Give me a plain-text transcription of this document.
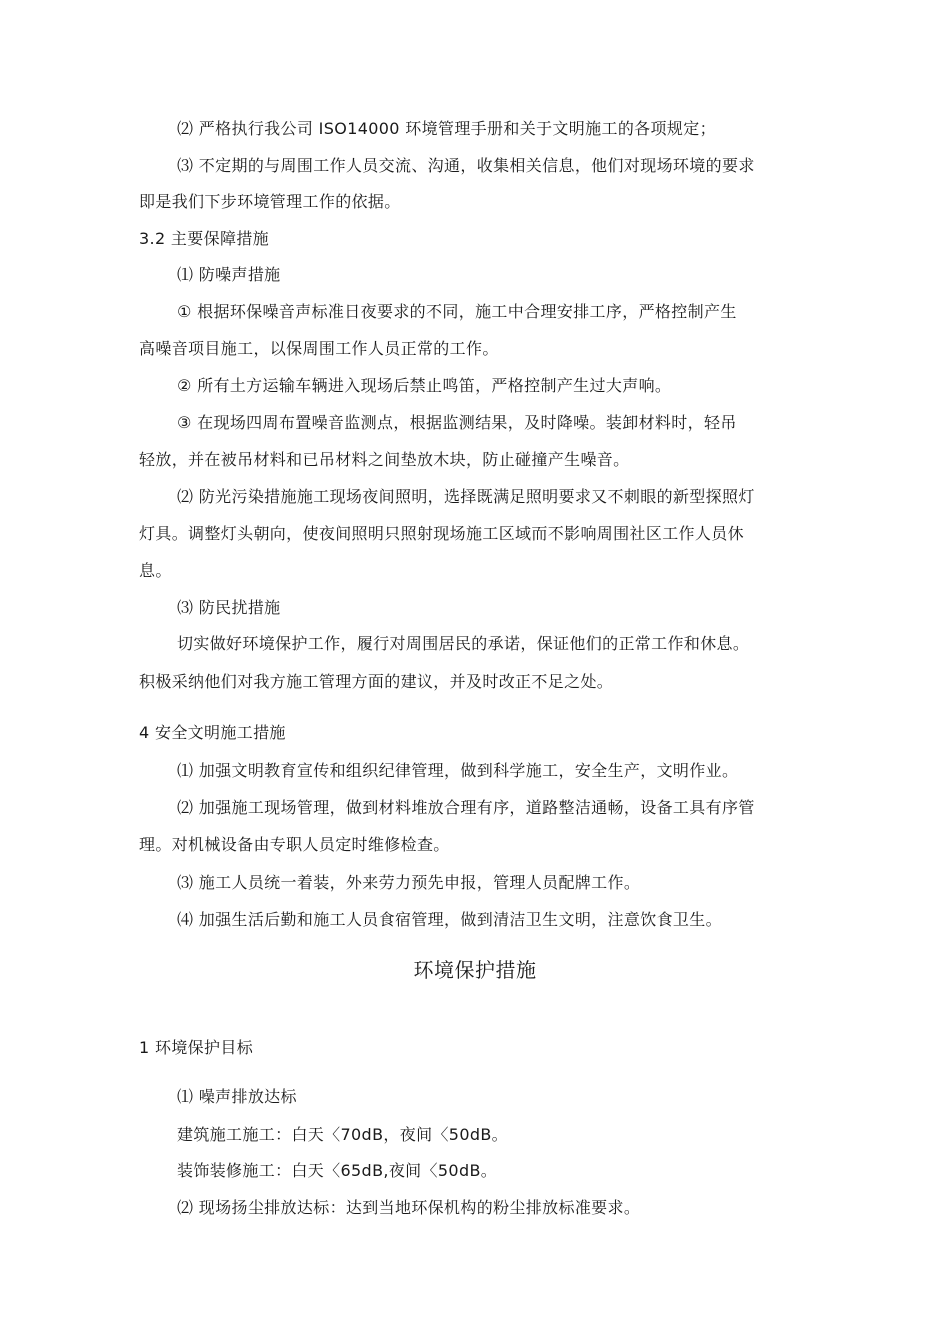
⑵ 严格执行我公司 ISO14000 环境管理手册和关于文明施工的各项规定；
⑶ 不定期的与周围工作人员交流、沟通，收集相关信息，他们对现场环境的要求
即是我们下步环境管理工作的依据。
3.2 主要保障措施
⑴ 防噪声措施
① 根据环保噪音声标准日夜要求的不同，施工中合理安排工序，严格控制产生
高噪音项目施工，以保周围工作人员正常的工作。
② 所有土方运输车辆进入现场后禁止鸣笛，严格控制产生过大声响。
③ 在现场四周布置噪音监测点，根据监测结果，及时降噪。装卸材料时，轻吊
轻放，并在被吊材料和已吊材料之间垫放木块，防止碰撞产生噪音。
⑵ 防光污染措施施工现场夜间照明，选择既满足照明要求又不刺眼的新型探照灯
灯具。调整灯头朝向，使夜间照明只照射现场施工区域而不影响周围社区工作人员休
息。
⑶ 防民扰措施
切实做好环境保护工作，履行对周围居民的承诺，保证他们的正常工作和休息。
积极采纳他们对我方施工管理方面的建议，并及时改正不足之处。
4 安全文明施工措施
⑴ 加强文明教育宣传和组织纪律管理，做到科学施工，安全生产，文明作业。
⑵ 加强施工现场管理，做到材料堆放合理有序，道路整洁通畅，设备工具有序管
理。对机械设备由专职人员定时维修检查。
⑶ 施工人员统一着装，外来劳力预先申报，管理人员配牌工作。
⑷ 加强生活后勤和施工人员食宿管理，做到清洁卫生文明，注意饮食卫生。
环境保护措施
1 环境保护目标
⑴ 噪声排放达标
建筑施工施工：白天〈70dB，夜间〈50dB。
装饰装修施工：白天〈65dB,夜间〈50dB。
⑵ 现场扬尘排放达标：达到当地环保机构的粉尘排放标准要求。
